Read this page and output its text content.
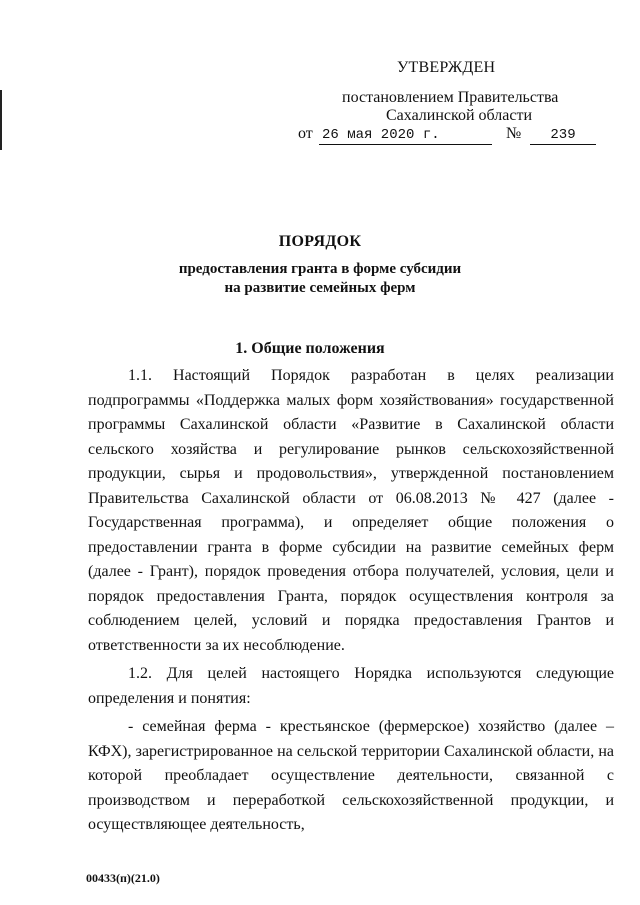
УТВЕРЖДЕН
постановлением Правительства
Сахалинской области
от 26 мая 2020 г.	№	239
ПОРЯДОК
предоставления гранта в форме субсидии
на развитие семейных ферм
1. Общие положения

1.1. Настоящий Порядок разработан в целях реализации подпрограммы «Поддержка малых форм хозяйствования» государственной программы Сахалинской области «Развитие в Сахалинской области сельского хозяйства и регулирование рынков сельскохозяйственной продукции, сырья и продовольствия», утвержденной постановлением Правительства Сахалинской области от 06.08.2013 № 427 (далее - Государственная программа), и определяет общие положения о предоставлении гранта в форме субсидии на развитие семейных ферм (далее - Грант), порядок проведения отбора получателей, условия, цели и порядок предоставления Гранта, порядок осуществления контроля за соблюдением целей, условий и порядка предоставления Грантов и ответственности за их несоблюдение.

1.2. Для целей настоящего Норядка используются следующие определения и понятия:

- семейная ферма - крестьянское (фермерское) хозяйство (далее – КФХ), зарегистрированное на сельской территории Сахалинской области, на которой преобладает осуществление деятельности, связанной с производством и переработкой сельскохозяйственной продукции, и осуществляющее деятельность,

00433(п)(21.0)
